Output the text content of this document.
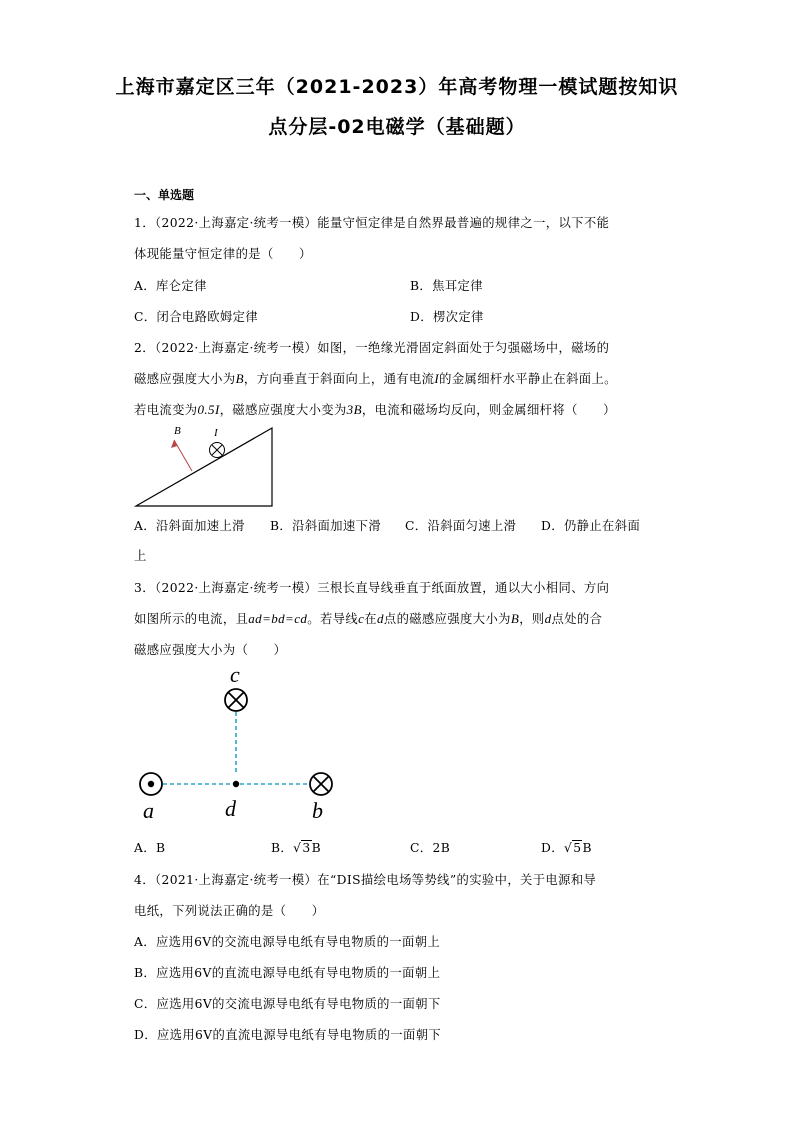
上海市嘉定区三年（2021-2023）年高考物理一模试题按知识
点分层-02电磁学（基础题）
一、单选题
1．（2022·上海嘉定·统考一模）能量守恒定律是自然界最普遍的规律之一，以下不能
体现能量守恒定律的是（　　）
A．库仑定律	B．焦耳定律
C．闭合电路欧姆定律	D．楞次定律
2．（2022·上海嘉定·统考一模）如图，一绝缘光滑固定斜面处于匀强磁场中，磁场的
磁感应强度大小为B，方向垂直于斜面向上，通有电流I的金属细杆水平静止在斜面上。
若电流变为0.5I，磁感应强度大小变为3B，电流和磁场均反向，则金属细杆将（　　）
B	I
A．沿斜面加速上滑 B．沿斜面加速下滑 C．沿斜面匀速上滑 D．仍静止在斜面
上
3．（2022·上海嘉定·统考一模）三根长直导线垂直于纸面放置，通以大小相同、方向
如图所示的电流，且ad=bd=cd。若导线c在d点的磁感应强度大小为B，则d点处的合
磁感应强度大小为（　　）
c
a	d	b
A．B	B．√3B	C．2B	D．√5B
4．（2021·上海嘉定·统考一模）在“DIS描绘电场等势线”的实验中，关于电源和导
电纸，下列说法正确的是（　　）
A．应选用6V的交流电源导电纸有导电物质的一面朝上
B．应选用6V的直流电源导电纸有导电物质的一面朝上
C．应选用6V的交流电源导电纸有导电物质的一面朝下
D．应选用6V的直流电源导电纸有导电物质的一面朝下
